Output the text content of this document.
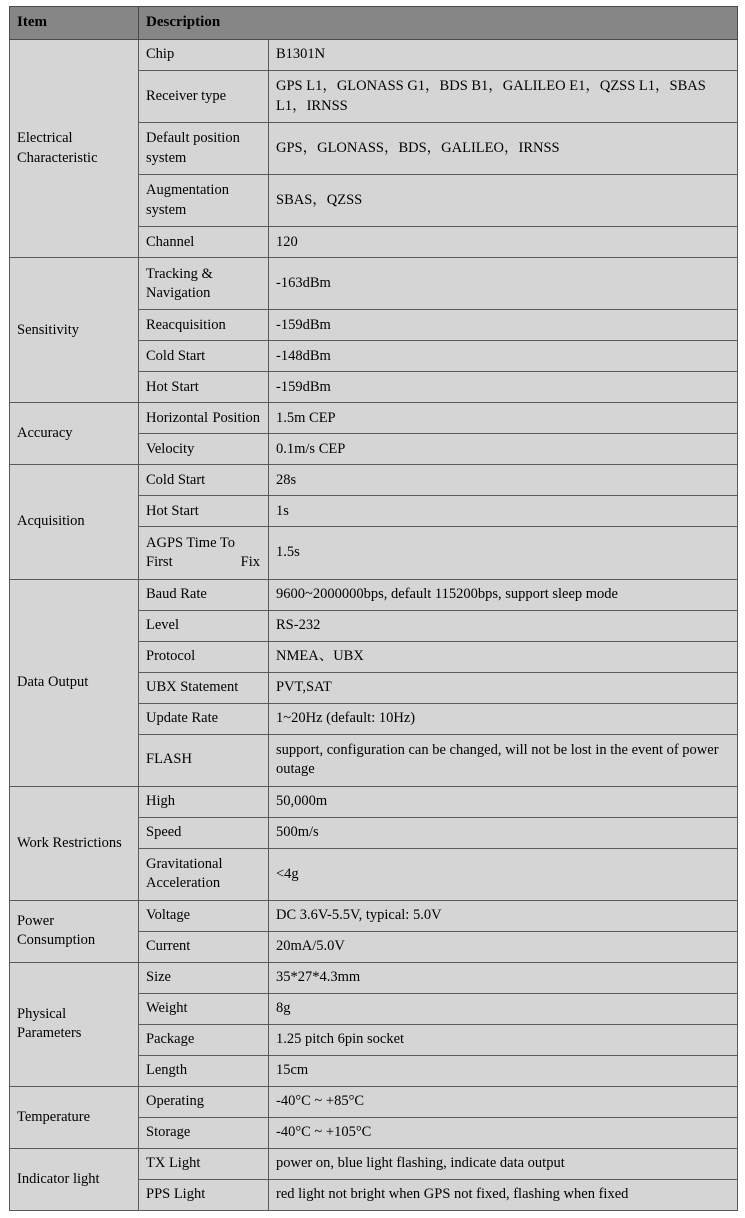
Item	Description	
Electrical Characteristic	Chip	B1301N
	Receiver type	GPS L1，GLONASS G1，BDS B1，GALILEO E1，QZSS L1，SBAS L1，IRNSS
	Default position system	GPS，GLONASS，BDS，GALILEO，IRNSS
	Augmentation system	SBAS，QZSS
	Channel	120
Sensitivity	Tracking & Navigation	-163dBm
	Reacquisition	-159dBm
	Cold Start	-148dBm
	Hot Start	-159dBm
Accuracy	Horizontal Position	1.5m CEP
	Velocity	0.1m/s CEP
Acquisition	Cold Start	28s
	Hot Start	1s
	AGPS Time To First Fix	1.5s
Data Output	Baud Rate	9600~2000000bps, default 115200bps, support sleep mode
	Level	RS-232
	Protocol	NMEA、UBX
	UBX Statement	PVT,SAT
	Update Rate	1~20Hz (default: 10Hz)
	FLASH	support, configuration can be changed, will not be lost in the event of power outage
Work Restrictions	High	50,000m
	Speed	500m/s
	Gravitational Acceleration	<4g
Power Consumption	Voltage	DC 3.6V-5.5V, typical: 5.0V
	Current	20mA/5.0V
Physical Parameters	Size	35*27*4.3mm
	Weight	8g
	Package	1.25 pitch 6pin socket
	Length	15cm
Temperature	Operating	-40°C ~ +85°C
	Storage	-40°C ~ +105°C
Indicator light	TX Light	power on, blue light flashing, indicate data output
	PPS Light	red light not bright when GPS not fixed, flashing when fixed
